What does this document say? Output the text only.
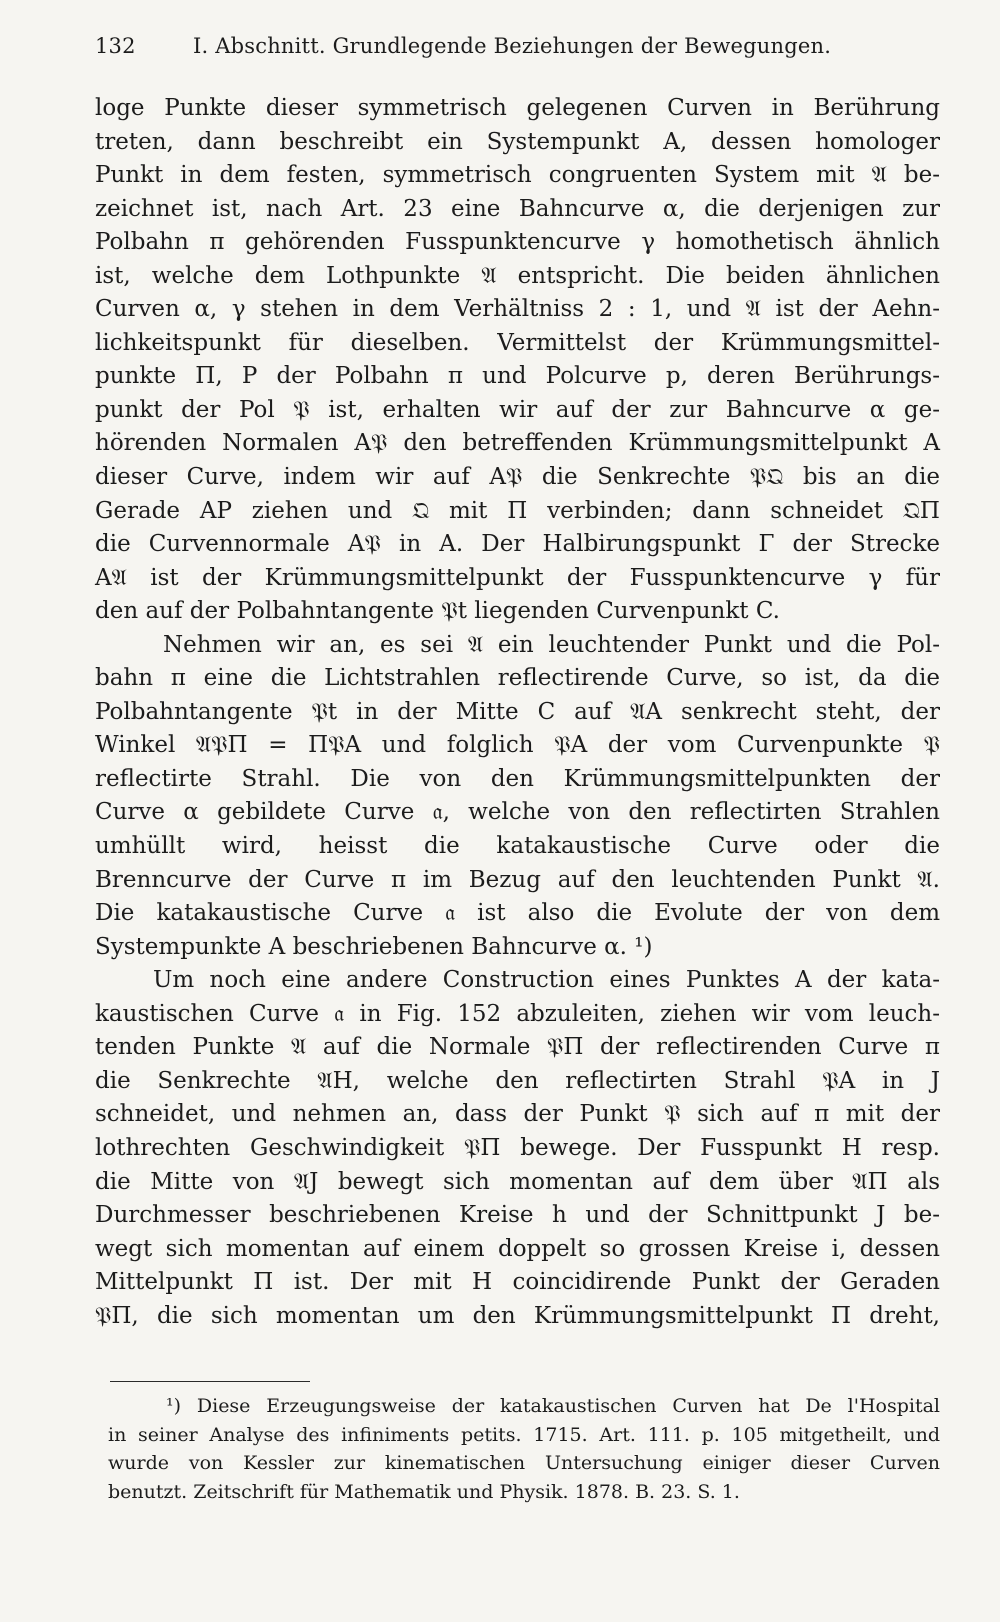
132	I. Abschnitt. Grundlegende Beziehungen der Bewegungen.
loge Punkte dieser symmetrisch gelegenen Curven in Berührung
treten, dann beschreibt ein Systempunkt A, dessen homologer
Punkt in dem festen, symmetrisch congruenten System mit 𝔄 be-
zeichnet ist, nach Art. 23 eine Bahncurve α, die derjenigen zur
Polbahn π gehörenden Fusspunktencurve γ homothetisch ähnlich
ist, welche dem Lothpunkte 𝔄 entspricht. Die beiden ähnlichen
Curven α, γ stehen in dem Verhältniss 2 : 1, und 𝔄 ist der Aehn-
lichkeitspunkt für dieselben. Vermittelst der Krümmungsmittel-
punkte Π, P der Polbahn π und Polcurve p, deren Berührungs-
punkt der Pol 𝔓 ist, erhalten wir auf der zur Bahncurve α ge-
hörenden Normalen A𝔓 den betreffenden Krümmungsmittelpunkt A
dieser Curve, indem wir auf A𝔓 die Senkrechte 𝔓𝔔 bis an die
Gerade AP ziehen und 𝔔 mit Π verbinden; dann schneidet 𝔔Π
die Curvennormale A𝔓 in A. Der Halbirungspunkt Γ der Strecke
A𝔄 ist der Krümmungsmittelpunkt der Fusspunktencurve γ für
den auf der Polbahntangente 𝔓t liegenden Curvenpunkt C.
Nehmen wir an, es sei 𝔄 ein leuchtender Punkt und die Pol-
bahn π eine die Lichtstrahlen reflectirende Curve, so ist, da die
Polbahntangente 𝔓t in der Mitte C auf 𝔄A senkrecht steht, der
Winkel 𝔄𝔓Π = Π𝔓A und folglich 𝔓A der vom Curvenpunkte 𝔓
reflectirte Strahl. Die von den Krümmungsmittelpunkten der
Curve α gebildete Curve 𝔞, welche von den reflectirten Strahlen
umhüllt wird, heisst die katakaustische Curve oder die
Brenncurve der Curve π im Bezug auf den leuchtenden Punkt 𝔄.
Die katakaustische Curve 𝔞 ist also die Evolute der von dem
Systempunkte A beschriebenen Bahncurve α. ¹)
Um noch eine andere Construction eines Punktes A der kata-
kaustischen Curve 𝔞 in Fig. 152 abzuleiten, ziehen wir vom leuch-
tenden Punkte 𝔄 auf die Normale 𝔓Π der reflectirenden Curve π
die Senkrechte 𝔄H, welche den reflectirten Strahl 𝔓A in J
schneidet, und nehmen an, dass der Punkt 𝔓 sich auf π mit der
lothrechten Geschwindigkeit 𝔓Π bewege. Der Fusspunkt H resp.
die Mitte von 𝔄J bewegt sich momentan auf dem über 𝔄Π als
Durchmesser beschriebenen Kreise h und der Schnittpunkt J be-
wegt sich momentan auf einem doppelt so grossen Kreise i, dessen
Mittelpunkt Π ist. Der mit H coincidirende Punkt der Geraden
𝔓Π, die sich momentan um den Krümmungsmittelpunkt Π dreht,
¹) Diese Erzeugungsweise der katakaustischen Curven hat De l'Hospital
in seiner Analyse des infiniments petits. 1715. Art. 111. p. 105 mitgetheilt, und
wurde von Kessler zur kinematischen Untersuchung einiger dieser Curven
benutzt. Zeitschrift für Mathematik und Physik. 1878. B. 23. S. 1.
